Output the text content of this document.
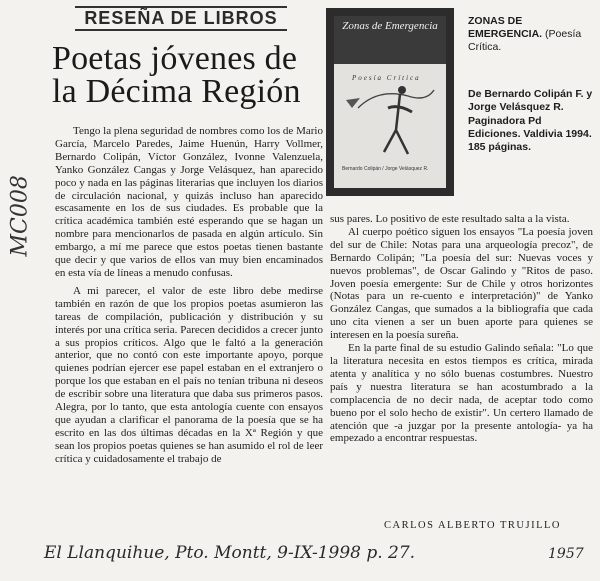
RESEÑA DE LIBROS
Poetas jóvenes de la Décima Región
Zonas de Emergencia
Poesía Crítica
Bernardo Colipán / Jorge Velásquez R.
ZONAS DE EMERGENCIA. (Poesía Crítica.
De Bernardo Colipán F. y Jorge Velásquez R. Paginadora Pd Ediciones. Valdivia 1994. 185 páginas.

Tengo la plena seguridad de nombres como los de Mario García, Marcelo Paredes, Jaime Huenún, Harry Vollmer, Bernardo Colipán, Víctor González, Ivonne Valenzuela, Yanko González Cangas y Jorge Velásquez, han aparecido poco y nada en las páginas literarias que incluyen los diarios de circulación nacional, y quizás incluso han aparecido escasamente en los de sus ciudades. Es probable que la crítica académica también esté esperando que se hagan un nombre para mencionarlos de pasada en algún artículo. Sin embargo, a mí me parece que estos poetas tienen bastante que decir y que varios de ellos van muy bien encaminados en esta vía de líneas a menudo confusas.

A mi parecer, el valor de este libro debe medirse también en razón de que los propios poetas asumieron las tareas de compilación, publicación y distribución y su interés por una crítica seria. Parecen decididos a crecer junto a sus propios críticos. Algo que le faltó a la generación anterior, que no contó con este importante apoyo, porque quienes podrían ejercer ese papel estaban en el extranjero o porque los que estaban en el país no tenían tribuna ni deseos de escribir sobre una literatura que daba sus primeros pasos. Alegra, por lo tanto, que esta antología cuente con ensayos que ayudan a clarificar el panorama de la poesía que se ha escrito en las dos últimas décadas en la Xª Región y que sean los propios poetas quienes se han asumido el rol de leer crítica y cuidadosamente el trabajo de

sus pares. Lo positivo de este resultado salta a la vista.

Al cuerpo poético siguen los ensayos "La poesía joven del sur de Chile: Notas para una arqueología precoz", de Bernardo Colipán; "La poesía del sur: Nuevas voces y nuevos problemas", de Oscar Galindo y "Ritos de paso. Joven poesía emergente: Sur de Chile y otros horizontes (Notas para un re-cuento e interpretación)" de Yanko González Cangas, que sumados a la bibliografía que cada uno cita vienen a ser un buen aporte para quienes se interesen en la poesía sureña.

En la parte final de su estudio Galindo señala: "Lo que la literatura necesita en estos tiempos es crítica, mirada atenta y analítica y no sólo buenas costumbres. Nuestro país y nuestra literatura se han acostumbrado a la complacencia de no decir nada, de aceptar todo como bueno por el solo hecho de existir". Un certero llamado de atención que -a juzgar por la presente antología- ya ha empezado a encontrar respuestas.

CARLOS ALBERTO TRUJILLO
MC008
El Llanquihue, Pto. Montt, 9-IX-1998 p. 27.	1957
